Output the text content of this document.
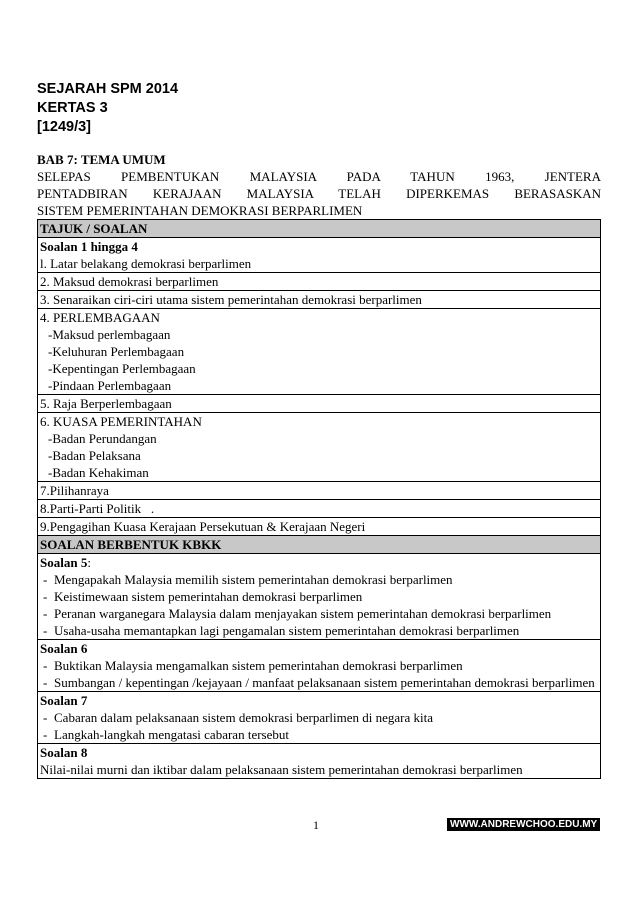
SEJARAH SPM 2014
KERTAS 3
[1249/3]
BAB 7: TEMA UMUM
SELEPAS PEMBENTUKAN MALAYSIA PADA TAHUN 1963, JENTERA
PENTADBIRAN KERAJAAN MALAYSIA TELAH DIPERKEMAS BERASASKAN
SISTEM PEMERINTAHAN DEMOKRASI BERPARLIMEN
TAJUK / SOALAN

Soalan 1 hingga 4
l. Latar belakang demokrasi berparlimen

2. Maksud demokrasi berparlimen
3. Senaraikan ciri-ciri utama sistem pemerintahan demokrasi berparlimen

4. PERLEMBAGAAN
-Maksud perlembagaan
-Keluhuran Perlembagaan
-Kepentingan Perlembagaan
-Pindaan Perlembagaan

5. Raja Berperlembagaan

6. KUASA PEMERINTAHAN
-Badan Perundangan
-Badan Pelaksana
-Badan Kehakiman

7.Pilihanraya
8.Parti-Parti Politik   .
9.Pengagihan Kuasa Kerajaan Persekutuan & Kerajaan Negeri
SOALAN BERBENTUK KBKK

Soalan 5:
- Mengapakah Malaysia memilih sistem pemerintahan demokrasi berparlimen
- Keistimewaan sistem pemerintahan demokrasi berparlimen
- Peranan warganegara Malaysia dalam menjayakan sistem pemerintahan demokrasi berparlimen
- Usaha-usaha memantapkan lagi pengamalan sistem pemerintahan demokrasi berparlimen

Soalan 6
- Buktikan Malaysia mengamalkan sistem pemerintahan demokrasi berparlimen
- Sumbangan / kepentingan /kejayaan / manfaat pelaksanaan sistem pemerintahan demokrasi berparlimen

Soalan 7
- Cabaran dalam pelaksanaan sistem demokrasi berparlimen di negara kita
- Langkah-langkah mengatasi cabaran tersebut

Soalan 8
Nilai-nilai murni dan iktibar dalam pelaksanaan sistem pemerintahan demokrasi berparlimen
1	WWW.ANDREWCHOO.EDU.MY
